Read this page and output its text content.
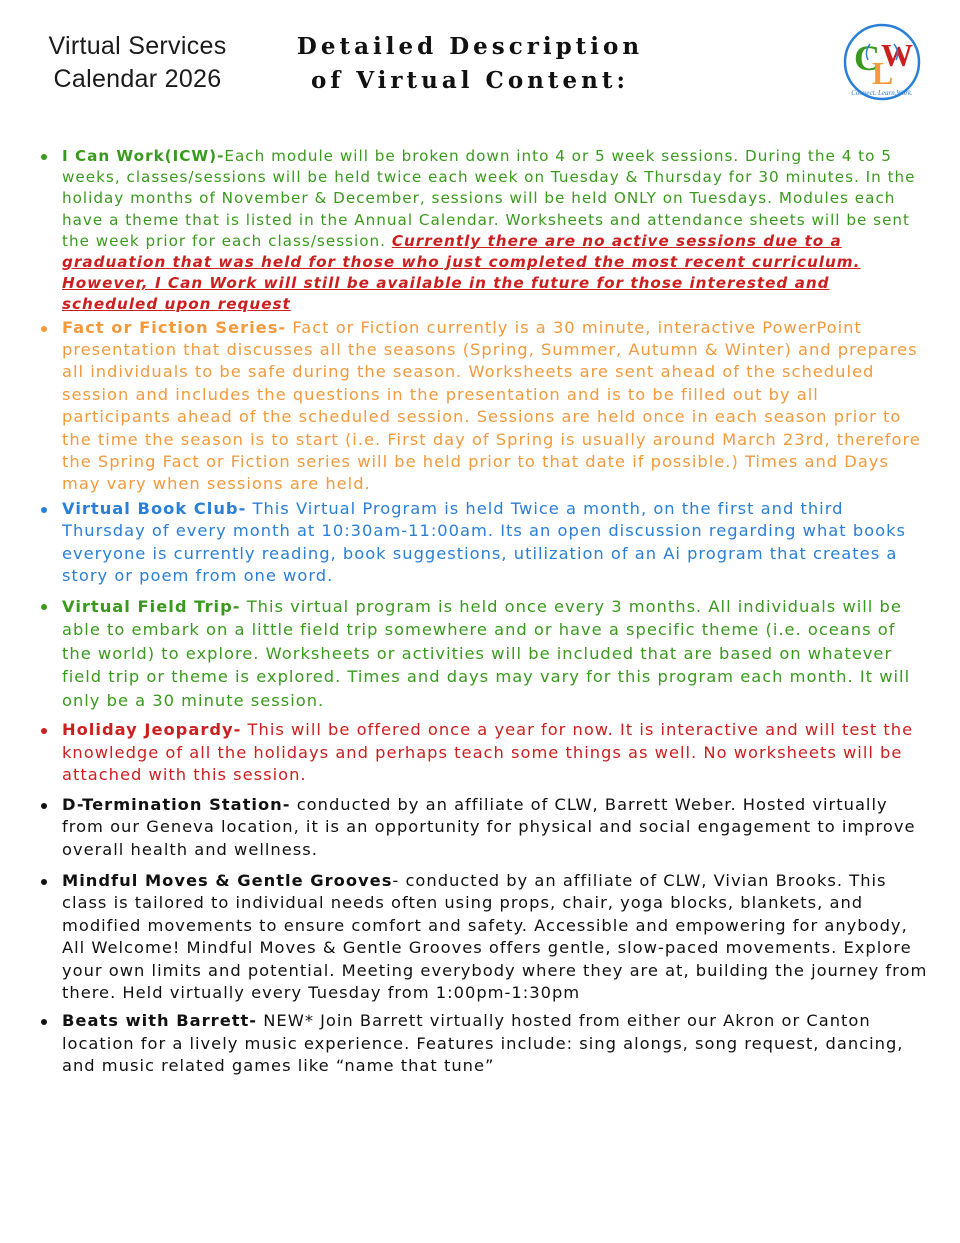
Virtual Services
Calendar 2026
Detailed Description
of Virtual Content:
C
L
W
Connect. Learn.Work.
I Can Work(ICW)-Each module will be broken down into 4 or 5 week sessions. During the 4 to 5 weeks, classes/sessions will be held twice each week on Tuesday & Thursday for 30 minutes. In the holiday months of November & December, sessions will be held ONLY on Tuesdays. Modules each have a theme that is listed in the Annual Calendar. Worksheets and attendance sheets will be sent the week prior for each class/session. Currently there are no active sessions due to a graduation that was held for those who just completed the most recent curriculum. However, I Can Work will still be available in the future for those interested and scheduled upon request
Fact or Fiction Series- Fact or Fiction currently is a 30 minute, interactive PowerPoint presentation that discusses all the seasons (Spring, Summer, Autumn & Winter) and prepares all individuals to be safe during the season. Worksheets are sent ahead of the scheduled session and includes the questions in the presentation and is to be filled out by all participants ahead of the scheduled session. Sessions are held once in each season prior to the time the season is to start (i.e. First day of Spring is usually around March 23rd, therefore the Spring Fact or Fiction series will be held prior to that date if possible.) Times and Days may vary when sessions are held.
Virtual Book Club- This Virtual Program is held Twice a month, on the first and third Thursday of every month at 10:30am-11:00am. Its an open discussion regarding what books everyone is currently reading, book suggestions, utilization of an Ai program that creates a story or poem from one word.
Virtual Field Trip- This virtual program is held once every 3 months. All individuals will be able to embark on a little field trip somewhere and or have a specific theme (i.e. oceans of the world) to explore. Worksheets or activities will be included that are based on whatever field trip or theme is explored. Times and days may vary for this program each month. It will only be a 30 minute session.
Holiday Jeopardy- This will be offered once a year for now. It is interactive and will test the knowledge of all the holidays and perhaps teach some things as well. No worksheets will be attached with this session.
D-Termination Station- conducted by an affiliate of CLW, Barrett Weber. Hosted virtually from our Geneva location, it is an opportunity for physical and social engagement to improve overall health and wellness.
Mindful Moves & Gentle Grooves- conducted by an affiliate of CLW, Vivian Brooks. This class is tailored to individual needs often using props, chair, yoga blocks, blankets, and modified movements to ensure comfort and safety. Accessible and empowering for anybody, All Welcome! Mindful Moves & Gentle Grooves offers gentle, slow-paced movements. Explore your own limits and potential. Meeting everybody where they are at, building the journey from there. Held virtually every Tuesday from 1:00pm-1:30pm
Beats with Barrett- NEW* Join Barrett virtually hosted from either our Akron or Canton location for a lively music experience. Features include: sing alongs, song request, dancing, and music related games like “name that tune”
